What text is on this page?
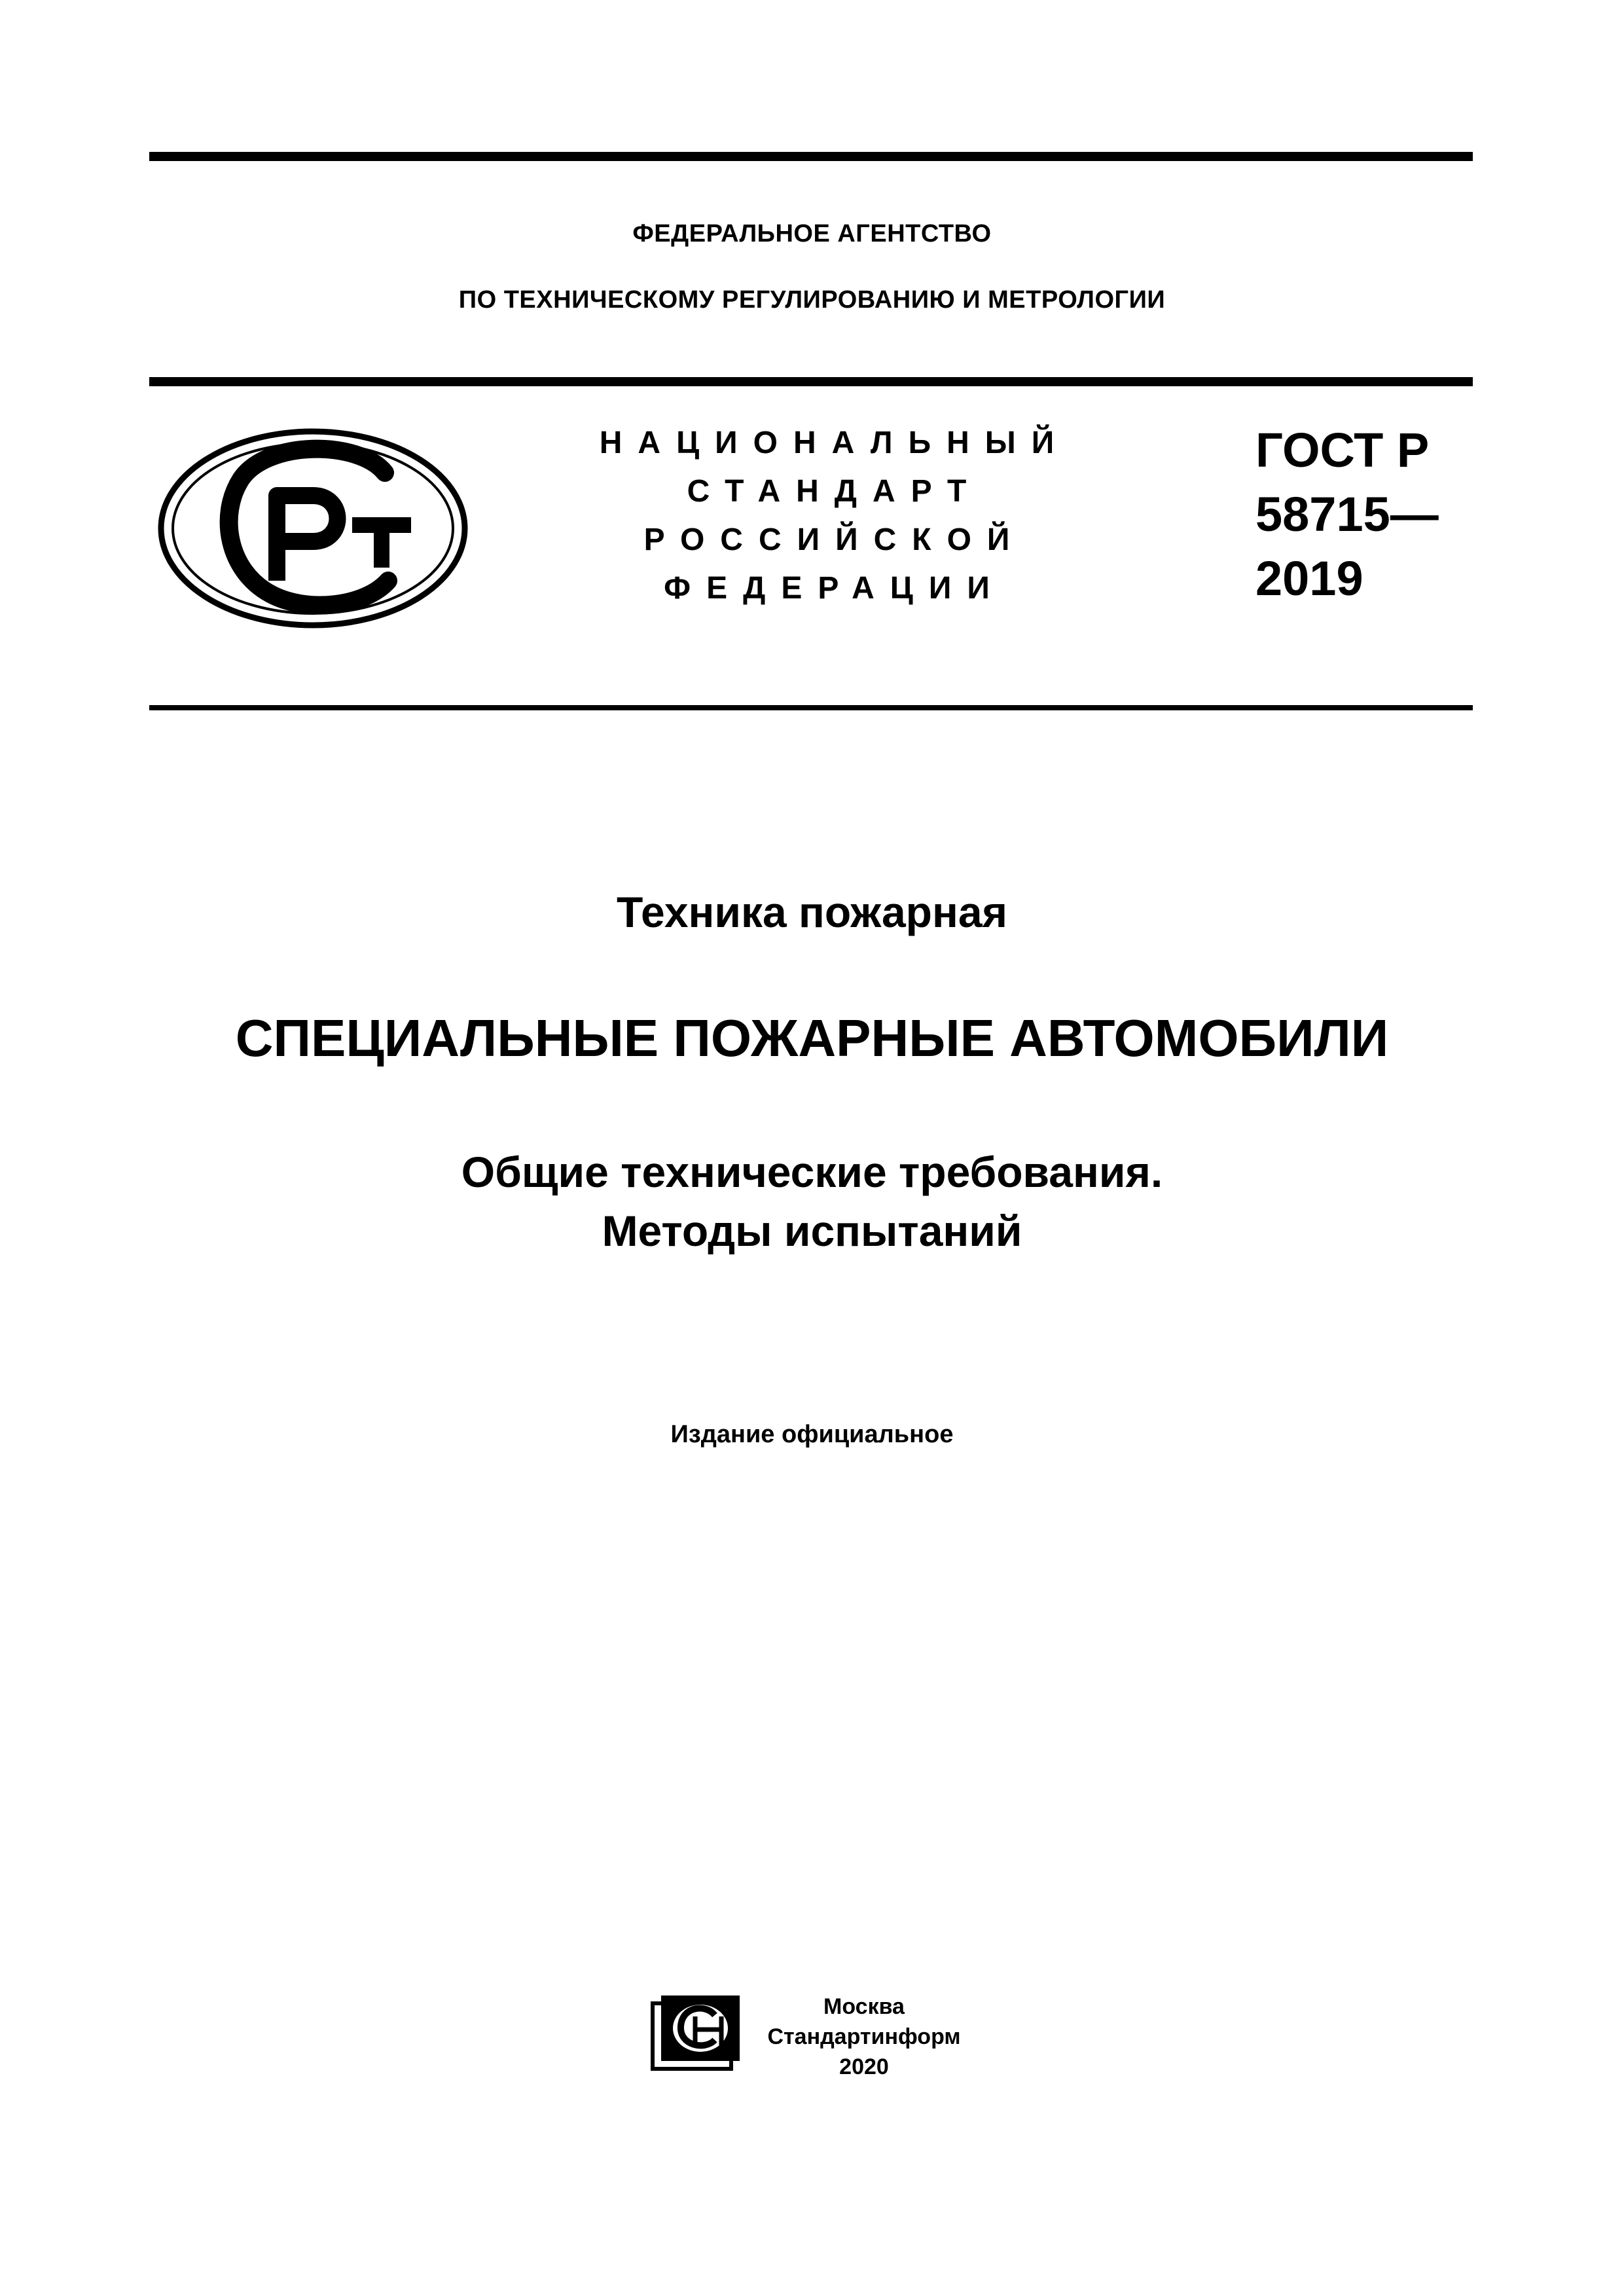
ФЕДЕРАЛЬНОЕ АГЕНТСТВО
ПО ТЕХНИЧЕСКОМУ РЕГУЛИРОВАНИЮ И МЕТРОЛОГИИ
НАЦИОНАЛЬНЫЙ
СТАНДАРТ
РОССИЙСКОЙ
ФЕДЕРАЦИИ
ГОСТ Р
58715—
2019
Техника пожарная
СПЕЦИАЛЬНЫЕ ПОЖАРНЫЕ АВТОМОБИЛИ
Общие технические требования.
Методы испытаний
Издание официальное
Москва
Стандартинформ
2020
